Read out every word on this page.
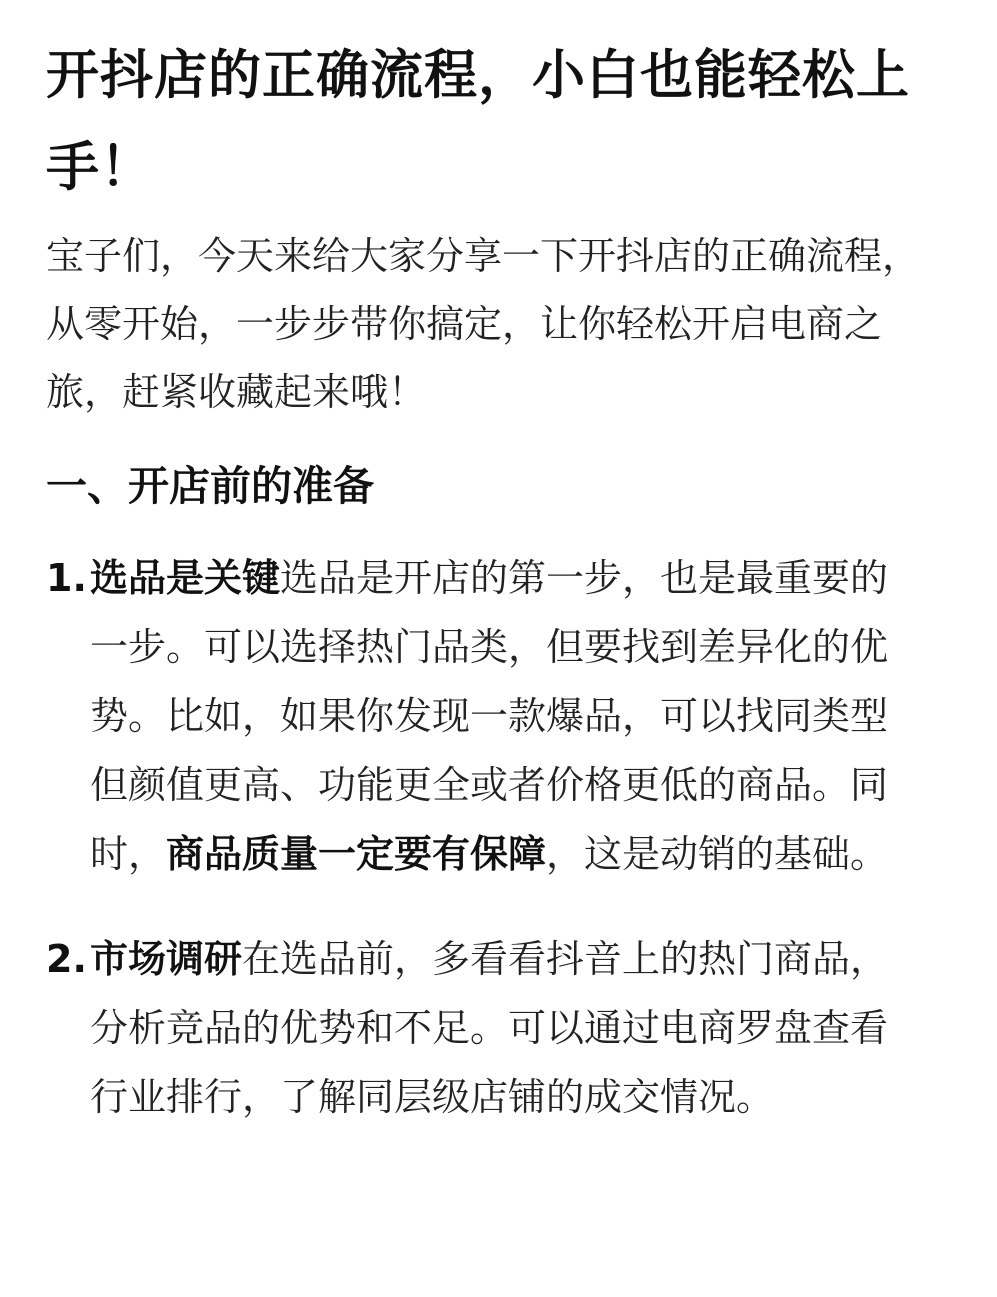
开抖店的正确流程，小白也能轻松上手！

宝子们，今天来给大家分享一下开抖店的正确流程，从零开始，一步步带你搞定，让你轻松开启电商之旅，赶紧收藏起来哦！

一、开店前的准备
1. 选品是关键选品是开店的第一步，也是最重要的一步。可以选择热门品类，但要找到差异化的优势。比如，如果你发现一款爆品，可以找同类型但颜值更高、功能更全或者价格更低的商品。同时，商品质量一定要有保障，这是动销的基础。
2. 市场调研在选品前，多看看抖音上的热门商品，分析竞品的优势和不足。可以通过电商罗盘查看行业排行，了解同层级店铺的成交情况。
